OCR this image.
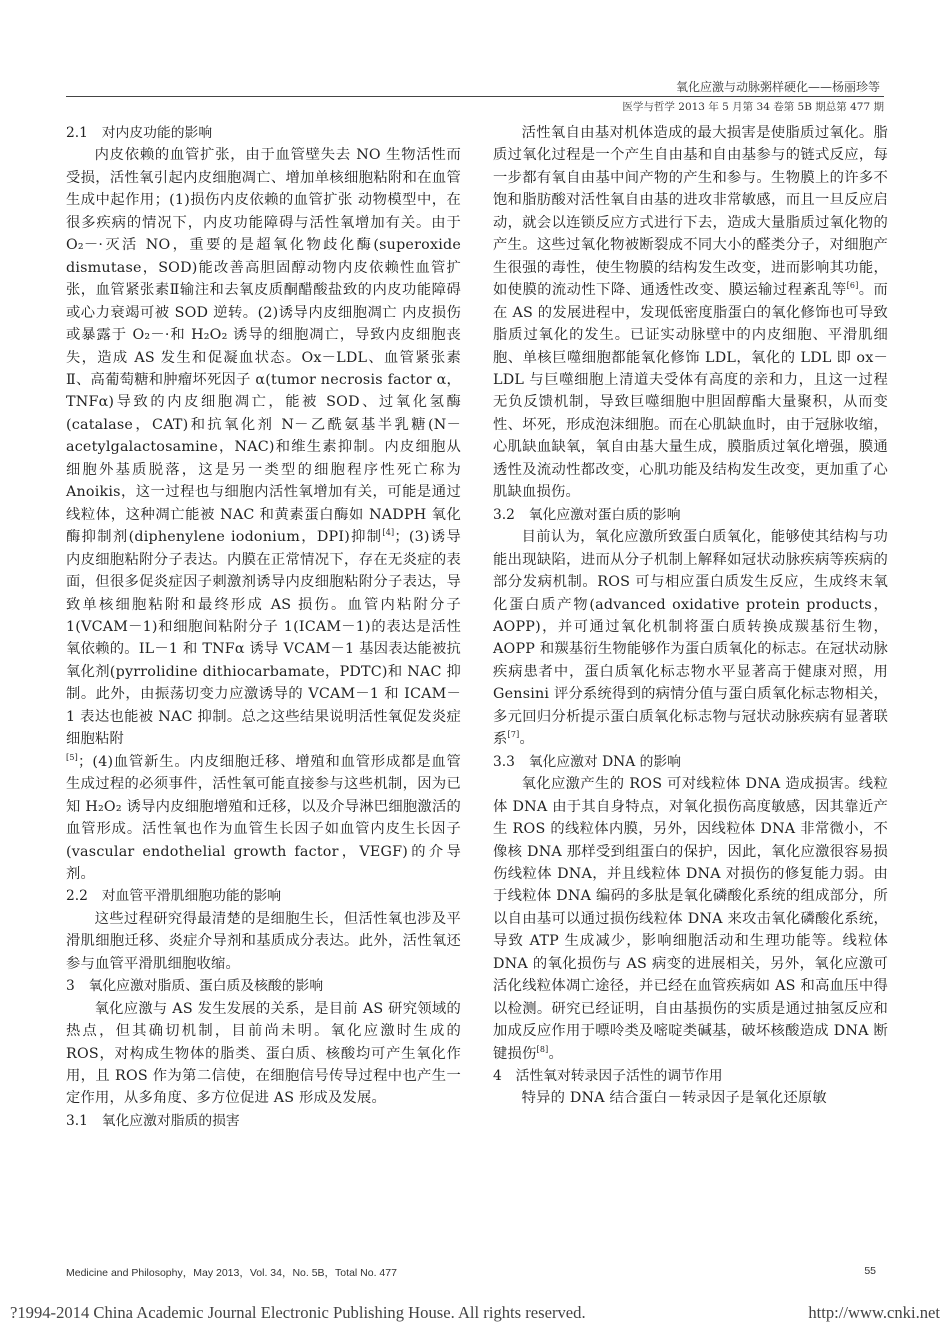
氧化应激与动脉粥样硬化——杨丽珍等
医学与哲学 2013 年 5 月第 34 卷第 5B 期总第 477 期
2.1　对内皮功能的影响

内皮依赖的血管扩张，由于血管壁失去 NO 生物活性而受损，活性氧引起内皮细胞凋亡、增加单核细胞粘附和在血管生成中起作用；(1)损伤内皮依赖的血管扩张 动物模型中，在很多疾病的情况下，内皮功能障碍与活性氧增加有关。由于 O₂－·灭活 NO，重要的是超氧化物歧化酶(superoxide dismutase，SOD)能改善高胆固醇动物内皮依赖性血管扩张，血管紧张素Ⅱ输注和去氧皮质酮醋酸盐致的内皮功能障碍或心力衰竭可被 SOD 逆转。(2)诱导内皮细胞凋亡 内皮损伤或暴露于 O₂－·和 H₂O₂ 诱导的细胞凋亡，导致内皮细胞丧失，造成 AS 发生和促凝血状态。Ox－LDL、血管紧张素Ⅱ、高葡萄糖和肿瘤坏死因子 α(tumor necrosis factor α，TNFα)导致的内皮细胞凋亡，能被 SOD、过氧化氢酶(catalase，CAT)和抗氧化剂 N－乙酰氨基半乳糖(N－acetylgalactosamine，NAC)和维生素抑制。内皮细胞从细胞外基质脱落，这是另一类型的细胞程序性死亡称为 Anoikis，这一过程也与细胞内活性氧增加有关，可能是通过线粒体，这种凋亡能被 NAC 和黄素蛋白酶如 NADPH 氧化酶抑制剂(diphenylene iodonium，DPI)抑制[4]；(3)诱导内皮细胞粘附分子表达。内膜在正常情况下，存在无炎症的表面，但很多促炎症因子刺激剂诱导内皮细胞粘附分子表达，导致单核细胞粘附和最终形成 AS 损伤。血管内粘附分子 1(VCAM－1)和细胞间粘附分子 1(ICAM－1)的表达是活性氧依赖的。IL－1 和 TNFα 诱导 VCAM－1 基因表达能被抗氧化剂(pyrrolidine dithiocarbamate，PDTC)和 NAC 抑制。此外，由振荡切变力应激诱导的 VCAM－1 和 ICAM－1 表达也能被 NAC 抑制。总之这些结果说明活性氧促发炎症细胞粘附

[5]；(4)血管新生。内皮细胞迁移、增殖和血管形成都是血管生成过程的必须事件，活性氧可能直接参与这些机制，因为已知 H₂O₂ 诱导内皮细胞增殖和迁移，以及介导淋巴细胞激活的血管形成。活性氧也作为血管生长因子如血管内皮生长因子(vascular endothelial growth factor，VEGF)的介导剂。

2.2　对血管平滑肌细胞功能的影响

这些过程研究得最清楚的是细胞生长，但活性氧也涉及平滑肌细胞迁移、炎症介导剂和基质成分表达。此外，活性氧还参与血管平滑肌细胞收缩。

3　氧化应激对脂质、蛋白质及核酸的影响

氧化应激与 AS 发生发展的关系，是目前 AS 研究领域的热点，但其确切机制，目前尚未明。氧化应激时生成的 ROS，对构成生物体的脂类、蛋白质、核酸均可产生氧化作用，且 ROS 作为第二信使，在细胞信号传导过程中也产生一定作用，从多角度、多方位促进 AS 形成及发展。

3.1　氧化应激对脂质的损害

活性氧自由基对机体造成的最大损害是使脂质过氧化。脂质过氧化过程是一个产生自由基和自由基参与的链式反应，每一步都有氧自由基中间产物的产生和参与。生物膜上的许多不饱和脂肪酸对活性氧自由基的进攻非常敏感，而且一旦反应启动，就会以连锁反应方式进行下去，造成大量脂质过氧化物的产生。这些过氧化物被断裂成不同大小的醛类分子，对细胞产生很强的毒性，使生物膜的结构发生改变，进而影响其功能，如使膜的流动性下降、通透性改变、膜运输过程紊乱等[6]。而在 AS 的发展进程中，发现低密度脂蛋白的氧化修饰也可导致脂质过氧化的发生。已证实动脉壁中的内皮细胞、平滑肌细胞、单核巨噬细胞都能氧化修饰 LDL，氧化的 LDL 即 ox－LDL 与巨噬细胞上清道夫受体有高度的亲和力，且这一过程无负反馈机制，导致巨噬细胞中胆固醇酯大量聚积，从而变性、坏死，形成泡沫细胞。而在心肌缺血时，由于冠脉收缩，心肌缺血缺氧，氧自由基大量生成，膜脂质过氧化增强，膜通透性及流动性都改变，心肌功能及结构发生改变，更加重了心肌缺血损伤。

3.2　氧化应激对蛋白质的影响

目前认为，氧化应激所致蛋白质氧化，能够使其结构与功能出现缺陷，进而从分子机制上解释如冠状动脉疾病等疾病的部分发病机制。ROS 可与相应蛋白质发生反应，生成终末氧化蛋白质产物(advanced oxidative protein products，AOPP)，并可通过氧化机制将蛋白质转换成羰基衍生物，AOPP 和羰基衍生物能够作为蛋白质氧化的标志。在冠状动脉疾病患者中，蛋白质氧化标志物水平显著高于健康对照，用 Gensini 评分系统得到的病情分值与蛋白质氧化标志物相关，多元回归分析提示蛋白质氧化标志物与冠状动脉疾病有显著联系[7]。

3.3　氧化应激对 DNA 的影响

氧化应激产生的 ROS 可对线粒体 DNA 造成损害。线粒体 DNA 由于其自身特点，对氧化损伤高度敏感，因其靠近产生 ROS 的线粒体内膜，另外，因线粒体 DNA 非常微小，不像核 DNA 那样受到组蛋白的保护，因此，氧化应激很容易损伤线粒体 DNA，并且线粒体 DNA 对损伤的修复能力弱。由于线粒体 DNA 编码的多肽是氧化磷酸化系统的组成部分，所以自由基可以通过损伤线粒体 DNA 来攻击氧化磷酸化系统，导致 ATP 生成减少，影响细胞活动和生理功能等。线粒体 DNA 的氧化损伤与 AS 病变的进展相关，另外，氧化应激可活化线粒体凋亡途径，并已经在血管疾病如 AS 和高血压中得以检测。研究已经证明，自由基损伤的实质是通过抽氢反应和加成反应作用于嘌呤类及嘧啶类碱基，破坏核酸造成 DNA 断键损伤[8]。

4　活性氧对转录因子活性的调节作用

特异的 DNA 结合蛋白－转录因子是氧化还原敏

Medicine and Philosophy，May 2013，Vol. 34，No. 5B，Total No. 477	55
?1994-2014 China Academic Journal Electronic Publishing House. All rights reserved.	http://www.cnki.net
